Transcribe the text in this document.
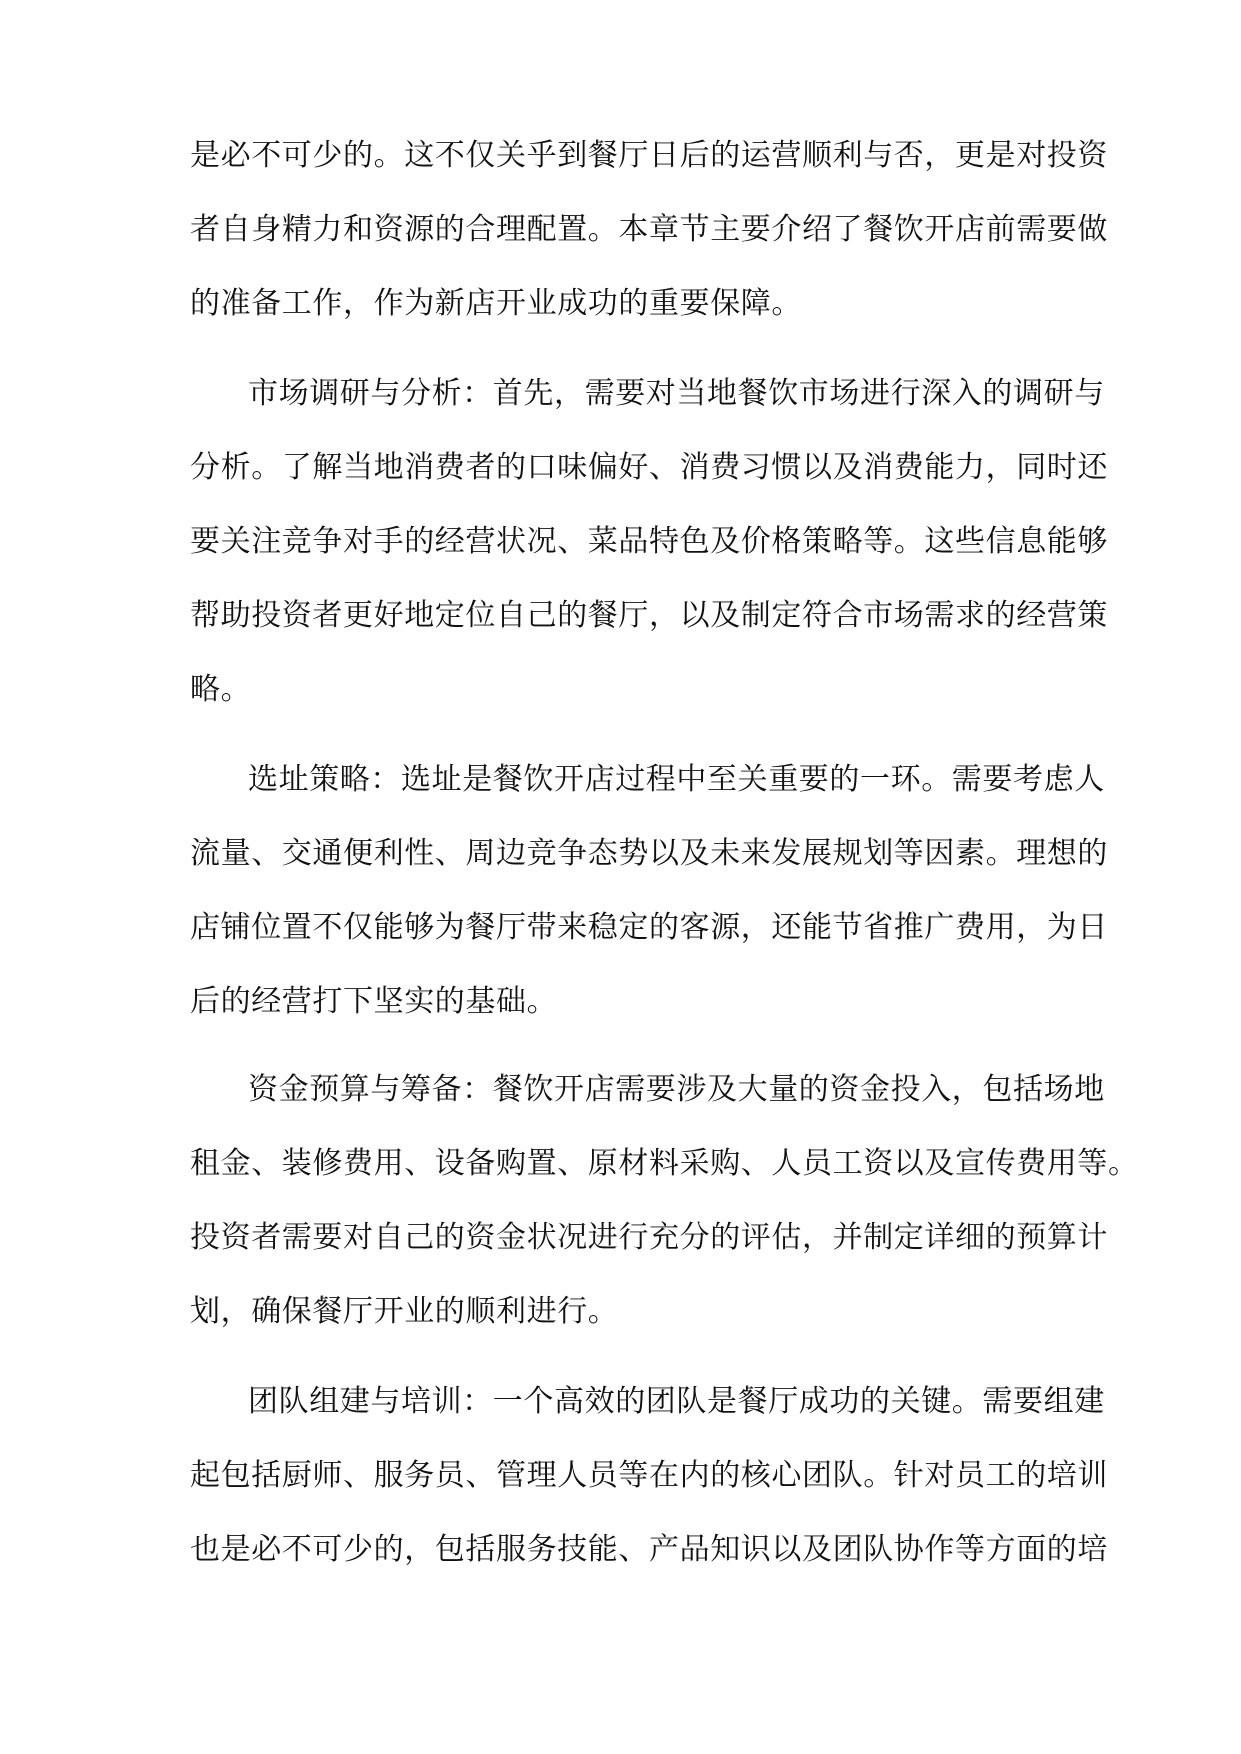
是必不可少的。这不仅关乎到餐厅日后的运营顺利与否，更是对投资
者自身精力和资源的合理配置。本章节主要介绍了餐饮开店前需要做
的准备工作，作为新店开业成功的重要保障。
市场调研与分析：首先，需要对当地餐饮市场进行深入的调研与
分析。了解当地消费者的口味偏好、消费习惯以及消费能力，同时还
要关注竞争对手的经营状况、菜品特色及价格策略等。这些信息能够
帮助投资者更好地定位自己的餐厅，以及制定符合市场需求的经营策
略。
选址策略：选址是餐饮开店过程中至关重要的一环。需要考虑人
流量、交通便利性、周边竞争态势以及未来发展规划等因素。理想的
店铺位置不仅能够为餐厅带来稳定的客源，还能节省推广费用，为日
后的经营打下坚实的基础。
资金预算与筹备：餐饮开店需要涉及大量的资金投入，包括场地
租金、装修费用、设备购置、原材料采购、人员工资以及宣传费用等。
投资者需要对自己的资金状况进行充分的评估，并制定详细的预算计
划，确保餐厅开业的顺利进行。
团队组建与培训：一个高效的团队是餐厅成功的关键。需要组建
起包括厨师、服务员、管理人员等在内的核心团队。针对员工的培训
也是必不可少的，包括服务技能、产品知识以及团队协作等方面的培
